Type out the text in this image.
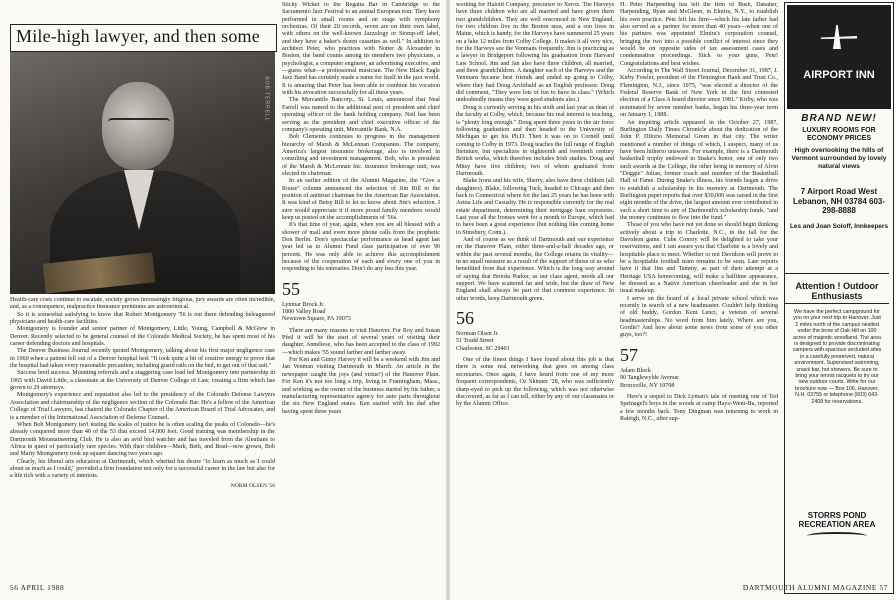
Mile-high lawyer, and then some
BOB TERRELL

Health-care costs continue to escalate, society grows increasingly litigious, jury awards are often incredible, and, as a consequence, malpractice insurance premiums are astronomical.

So it is somewhat satisfying to know that Robert Montgomery '56 is out there defending beleaguered physicians and health-care facilities.

Montgomery is founder and senior partner of Montgomery, Little, Young, Campbell & McGrew in Denver. Recently selected to be general counsel of the Colorado Medical Society, he has spent most of his career defending doctors and hospitals.

The Denver Business Journal recently quoted Montgomery, talking about his first major negligence case in 1960 when a patient fell out of a Denver hospital bed: "It took quite a bit of creative energy to prove that the hospital had taken every reasonable precaution, including guard rails on the bed, to get out of that suit."

Success bred success. Mounting referrals and a staggering case load led Montgomery into partnership in 1965 with David Little, a classmate at the University of Denver College of Law, creating a firm which has grown to 29 attorneys.

Montgomery's experience and reputation also led to the presidency of the Colorado Defense Lawyers Association and chairmanship of the negligence section of the Colorado Bar. He's a fellow of the American College of Trial Lawyers, has chaired the Colorado Chapter of the American Board of Trial Advocates, and is a member of the International Association of Defense Counsel.

When Bob Montgomery isn't testing the scales of justice he is often scaling the peaks of Colorado—he's already conquered more than 40 of the 53 that exceed 14,000 feet. Good training was membership in the Dartmouth Mountaineering Club. He is also an avid bird watcher and has traveled from the Aleutians to Africa in quest of particularly rare species. With their children—Mark, Beth, and Brad—now grown, Bob and Marty Montgomery took up square dancing two years ago.

Clearly, his liberal arts education at Dartmouth, which whetted his desire "to learn as much as I could about as much as I could," provided a firm foundation not only for a successful career in the law but also for a life rich with a variety of interests.

NORM OLSEN '56

Sticky Wicket to the Regatta Bar in Cambridge to the Sacramento Jazz Festival to an annual European tour. They have performed in small rooms and on stage with symphony orchestras. Of their 20 records, seven are on their own label, with others on the well-known Jazzology or Stomp-off label, and they have a baker's dozen cassettes as well." In addition to architect Peter, who practices with Notter & Alexander in Boston, the band counts among its members two physicians, a psychologist, a computer engineer, an advertising executive, and—guess what—a professional musician. The New Black Eagle Jazz Band has certainly made a name for itself in the jazz world. It is amazing that Peter has been able to combine his vocation with his avocation successfully for all these years.

The Mercantile Bancorp., St. Louis, announced that Neal Farrell was named to the additional post of president and chief operating officer of the bank holding company. Neil has been serving as the president and chief executive officer of the company's operating unit, Mercantile Bank, N.A.

Bob Clements continues to progress in the management hierarchy of Marsh & McLennan Companies. The company, America's largest insurance brokerage, also is involved in consulting and investment management. Bob, who is president of the Marsh & McLennan Inc. insurance brokerage unit, was elected its chairman.

In an earlier edition of the Alumni Magazine, the "Give a Rouse" column announced the selection of Jim Rill to the position of antitrust chairman for the American Bar Association. It was kind of Betsy Rill to let us know about Jim's selection. I sure would appreciate it if more proud family members would keep us posted on the accomplishments of '56s.

It's that time of year, again, when you are all blessed with a shower of mail and even more phone calls from the prophetic Don Berlin. Don's spectacular performance as head agent last year led us to Alumni Fund class participation of over 90 percent. He was only able to achieve this accomplishment because of the cooperation of each and every one of you in responding to his entreaties. Don't do any less this year.

55
Lynmar Brock Jr.
1800 Valley Road
Newtown Square, PA 19073

There are many reasons to visit Hanover. For Roy and Susan Pfeil it will be the start of several years of visiting their daughter, Anneliese, who has been accepted to the class of 1992—which makes '55 sound farther and farther away.

For Ken and Ginny Harvey it will be a weekend with Jim and Jan Venman visiting Dartmouth in March. An article in the newspaper caught the joys (and virtue!) of the Hanover Plain. For Ken it's not too long a trip, living in Framingham, Mass., and working as the owner of the business started by his father, a manufacturing representative agency for auto parts throughout the six New England states. Ken started with his dad after having spent three years

56 APRIL 1988

working for Haloid Company, precursor to Xerox. The Harveys have three children who are all married and have given them two grandchildren. They are well ensconced in New England, for two children live in the Boston area, and a son lives in Maine, which is handy, for the Harveys have summered 25 years on a lake 12 miles from Colby College. It makes it all very nice, for the Harveys see the Venmans frequently. Jim is practicing as a lawyer in Bridgeport following his graduation from Harvard Law School. Jim and Jan also have three children, all married, and three grandchildren. A daughter each of the Harveys and the Venmans became best friends and ended up going to Colby, where they had Doug Archibald as an English professor. Doug did comment, "They were lots of fun to have in class." (Which undoubtedly means they were good students also.)

Doug is currently serving in his sixth and last year as dean of the faculty at Colby, which, because his real interest is teaching, is "plenty long enough." Doug spent three years in the air force following graduation and then headed to the University of Michigan to get his Ph.D. Then it was on to Cornell until coming to Colby in 1973. Doug teaches the full range of English literature, but specializes in eighteenth and twentieth century British works, which therefore includes Irish studies. Doug and Mitsy have five children, two of whom graduated from Dartmouth.

Blake Irons and his wife, Sherry, also have three children (all daughters). Blake, following Tuck, headed to Chicago and then back to Connecticut where for the last 25 years he has been with Aetna Life and Casualty. He is responsible currently for the real estate department, determining their mortgage loan exposures. Last year all the Ironses went for a month to Europe, which had to have been a great experience (but nothing like coming home to Simsbury, Conn.).

And of course as we think of Dartmouth and our experience on the Hanover Plain, either three-and-a-half decades ago, or within the past several months, the College retains its vitality—in no small measure as a result of the support of those of us who benefitted from that experience. Which is the long way around of saying that Brooks Parker, as our class agent, needs all our support. We have scattered far and wide, but the draw of New England shall always be part of that common experience. In other words, keep Dartmouth green.

56
Norman Olsen Jr.
51 Tradd Street
Charleston, SC 29401

One of the finest things I have found about this job is that there is some real networking that goes on among class secretaries. Once again, I have heard from one of my more frequent correspondents, Oz Skinner '28, who was sufficiently sharp-eyed to pick up the following, which was not otherwise discovered, as far as I can tell, either by any of our classmates or by the Alumni Office.

H. Peter Harpending has left the firm of Bush, Danaher, Harpending, Ryan and McGlenn, in Elmira, N.Y., to establish his own practice. Pete left his firm—which his late father had also served as a partner for more than 40 years—when one of his partners was appointed Elmira's corporation counsel, bringing the two into a possible conflict of interest since they would be on opposite sides of tax assessment cases and condemnation proceedings. Stick to your guns, Pete! Congratulations and best wishes.

According to The Wall Street Journal, December 31, 1987, J. Kirby Fowler, president of the Flemington Bank and Trust Co., Flemington, N.J., since 1975, "was elected a director of the Federal Reserve Bank of New York in the first contested election of a Class A board director since 1981." Kirby, who was nominated by seven member banks, began his three-year term on January 1, 1988.

An inspiring article appeared in the October 27, 1987, Burlington Daily Times Chronicle about the dedication of the John P. DiIorio Memorial Green in that city. The writer mentioned a number of things of which, I suspect, many of us have been hitherto unaware. For example, there is a Dartmouth basketball trophy endowed in Snake's honor, one of only two such awards at the College, the other being in memory of Alvin "Doggie" Julian, former coach and member of the Basketball Hall of Fame. During Snake's illness, his friends began a drive to establish a scholarship in his memory at Dartmouth. The Burlington paper reports that over $30,000 was raised in the first eight months of the drive, the largest amount ever contributed in such a short time to any of Dartmouth's scholarship funds, "and the money continues to flow into the fund."

Those of you who have not yet done so should begin thinking actively about a trip to Charlotte, N.C., in the fall for the Davidson game. Cube Conroy will be delighted to take your reservations, and I can assure you that Charlotte is a lovely and hospitable place to meet. Whether or not Davidson will prove to be a hospitable football team remains to be seen. Late reports have it that Jim and Tammy, as part of their attempt at a Heritage USA homecoming, will make a halftime appearance, be dressed as a Native American cheerleader and she in her usual makeup.

I serve on the board of a local private school which was recently in search of a new headmaster. Couldn't help thinking of old buddy, Gordon Kent Lenci, a veteran of several headmasterships. No word from him lately. Where are you, Gordie? And how about some news from some of you other guys, too?!

57
Adam Block
90 Tanglewylde Avenue
Bronxville, NY 10708

Here's a sequel to Dick Lyman's tale of meeting one of Ted Spetnagel's boys in the woods at camp Hayo-Went-Ha, reported a few months back. Tony Dingman was returning to work in Raleigh, N.C., after sup-

AIRPORT INN
BRAND NEW!
LUXURY ROOMS FOR ECONOMY PRICES
High overlooking the hills of Vermont surrounded by lovely natural views
7 Airport Road West Lebanon, NH 03784 603-298-8888
Les and Joan Soloff, Innkeepers
Attention ! Outdoor Enthusiasts
We have the perfect campground for you on your next trip to Hanover. Just 2 miles north of the campus nestled under the brow of Oak Hill on 100 acres of majestic woodland. The area is designed to provide discriminating campers with spacious secluded sites in a carefully preserved, natural environment. Supervised swimming, snack bar, hot showers. Be sure to bring your tennis racquets to try our new outdoor courts. Write for our brochure now — Box 106, Hanover, N.H. 03755 or telephone (603) 643-2408 for reservations.
STORRS POND RECREATION AREA
DARTMOUTH ALUMNI MAGAZINE 57
